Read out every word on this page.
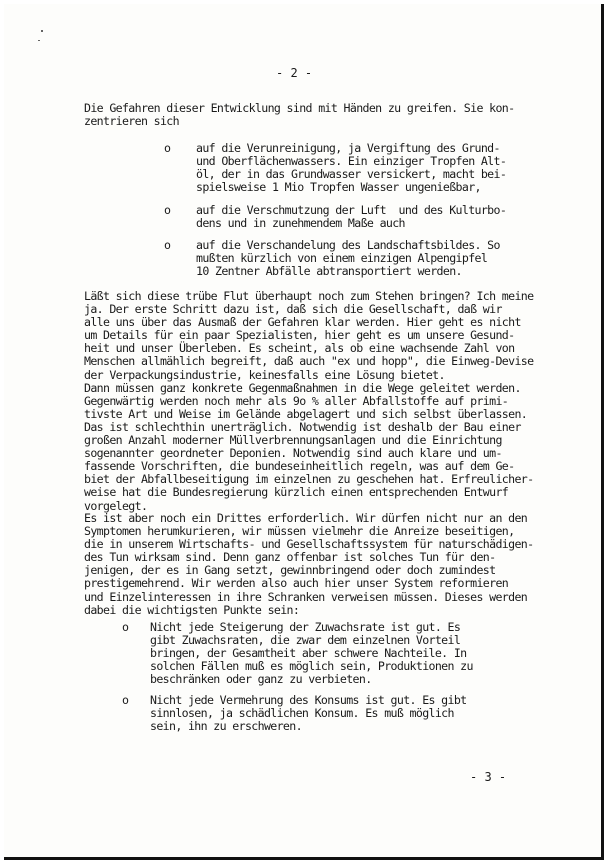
- 2 -
Die Gefahren dieser Entwicklung sind mit Händen zu greifen. Sie kon-
zentrieren sich
o auf die Verunreinigung, ja Vergiftung des Grund-
und Oberflächenwassers. Ein einziger Tropfen Alt-
öl, der in das Grundwasser versickert, macht bei-
spielsweise 1 Mio Tropfen Wasser ungenießbar,
o auf die Verschmutzung der Luft  und des Kulturbo-
dens und in zunehmendem Maße auch
o auf die Verschandelung des Landschaftsbildes. So
mußten kürzlich von einem einzigen Alpengipfel
10 Zentner Abfälle abtransportiert werden.
Läßt sich diese trübe Flut überhaupt noch zum Stehen bringen? Ich meine
ja. Der erste Schritt dazu ist, daß sich die Gesellschaft, daß wir
alle uns über das Ausmaß der Gefahren klar werden. Hier geht es nicht
um Details für ein paar Spezialisten, hier geht es um unsere Gesund-
heit und unser Überleben. Es scheint, als ob eine wachsende Zahl von
Menschen allmählich begreift, daß auch "ex und hopp", die Einweg-Devise
der Verpackungsindustrie, keinesfalls eine Lösung bietet.
Dann müssen ganz konkrete Gegenmaßnahmen in die Wege geleitet werden.
Gegenwärtig werden noch mehr als 9o % aller Abfallstoffe auf primi-
tivste Art und Weise im Gelände abgelagert und sich selbst überlassen.
Das ist schlechthin unerträglich. Notwendig ist deshalb der Bau einer
großen Anzahl moderner Müllverbrennungsanlagen und die Einrichtung
sogenannter geordneter Deponien. Notwendig sind auch klare und um-
fassende Vorschriften, die bundeseinheitlich regeln, was auf dem Ge-
biet der Abfallbeseitigung im einzelnen zu geschehen hat. Erfreulicher-
weise hat die Bundesregierung kürzlich einen entsprechenden Entwurf
vorgelegt.
Es ist aber noch ein Drittes erforderlich. Wir dürfen nicht nur an den
Symptomen herumkurieren, wir müssen vielmehr die Anreize beseitigen,
die in unserem Wirtschafts- und Gesellschaftssystem für naturschädigen-
des Tun wirksam sind. Denn ganz offenbar ist solches Tun für den-
jenigen, der es in Gang setzt, gewinnbringend oder doch zumindest
prestigemehrend. Wir werden also auch hier unser System reformieren
und Einzelinteressen in ihre Schranken verweisen müssen. Dieses werden
dabei die wichtigsten Punkte sein:
o Nicht jede Steigerung der Zuwachsrate ist gut. Es
gibt Zuwachsraten, die zwar dem einzelnen Vorteil
bringen, der Gesamtheit aber schwere Nachteile. In
solchen Fällen muß es möglich sein, Produktionen zu
beschränken oder ganz zu verbieten.
o Nicht jede Vermehrung des Konsums ist gut. Es gibt
sinnlosen, ja schädlichen Konsum. Es muß möglich
sein, ihn zu erschweren.
- 3 -
